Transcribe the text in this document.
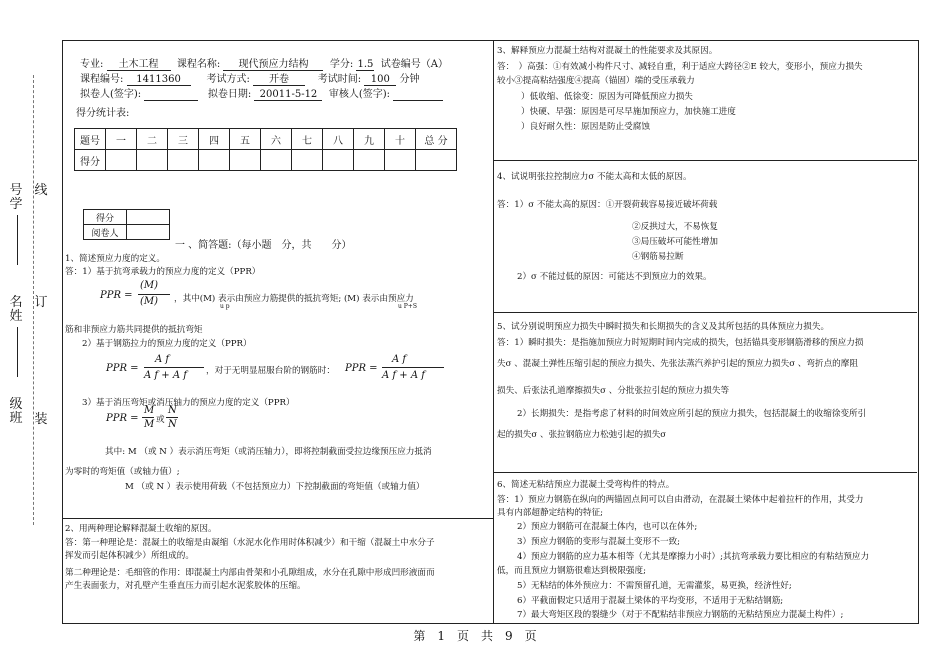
号
学
线
名
姓
订
级
班 装
专业: 土木工程 课程名称: 现代预应力结构 学分: 1.5 试卷编号（A）
课程编号: 1411360	考试方式: 开卷	考试时间: 100 分钟
拟卷人(签字):	拟卷日期: 20011-5-12 审核人(签字):
得分统计表:
题号	一	二	三	四	五	六	七	八	九	十	总 分
得分											
得分	
阅卷人	
一 、简答题:（每小题　分，共　　分）
1、简述预应力度的定义。
答：1）基于抗弯承载力的预应力度的定义（PPR）
PPR =
(M)
(M)	u p	u P+S
，其中(M) 表示由预应力筋提供的抵抗弯矩; (M) 表示由预应力
筋和非预应力筋共同提供的抵抗弯矩
2）基于钢筋拉力的预应力度的定义（PPR）
PPR =
A f
A f + A f ，对于无明显屈服台阶的钢筋时： PPR =
A f
A f + A f
3）基于消压弯矩或消压轴力的预应力度的定义（PPR）
PPR =
M
M 或
N
N
其中: M （或 N ）表示消压弯矩（或消压轴力），即将控制截面受拉边缘预压应力抵消
为零时的弯矩值（或轴力值）;
M （或 N ）表示使用荷载（不包括预应力）下控制截面的弯矩值（或轴力值）
2、用两种理论解释混凝土收缩的原因。
答：第一种理论是：混凝土的收缩是由凝缩（水泥水化作用时体积减少）和干缩（混凝土中水分子
挥发而引起体积减少）所组成的。
第二种理论是：毛细管的作用：即混凝土内部由骨架和小孔隙组成，水分在孔隙中形成凹形液面而
产生表面张力，对孔壁产生垂直压力而引起水泥浆胶体的压缩。
3、解释预应力混凝土结构对混凝土的性能要求及其原因。
答：　）高强：①有效减小构件尺寸、减轻自重，利于适应大跨径②E 较大，变形小，预应力损失
较小③提高粘结强度④提高（锚固）端的受压承载力
）低收缩、低徐变：原因为可降低预应力损失
）快硬、早强：原因是可尽早施加预应力，加快施工进度
）良好耐久性：原因是防止受腐蚀
4、试说明张拉控制应力σ 不能太高和太低的原因。
答：1）σ 不能太高的原因：①开裂荷载容易接近破坏荷载
②反拱过大，不易恢复
③局压破坏可能性增加
④钢筋易拉断
2）σ 不能过低的原因：可能达不到预应力的效果。
5、试分别说明预应力损失中瞬时损失和长期损失的含义及其所包括的具体预应力损失。
答：1）瞬时损失：是指施加预应力时短期时间内完成的损失，包括锚具变形钢筋滑移的预应力损
失σ 、混凝土弹性压缩引起的预应力损失、先张法蒸汽养护引起的预应力损失σ 、弯折点的摩阻
损失、后张法孔道摩擦损失σ 、分批张拉引起的预应力损失等
2）长期损失：是指考虑了材料的时间效应所引起的预应力损失，包括混凝土的收缩徐变所引
起的损失σ 、张拉钢筋应力松弛引起的损失σ
6、简述无粘结预应力混凝土受弯构件的特点。
答：1）预应力钢筋在纵向的两锚固点间可以自由滑动，在混凝土梁体中起着拉杆的作用，其受力
具有内部超静定结构的特征;
2）预应力钢筋可在混凝土体内，也可以在体外;
3）预应力钢筋的变形与混凝土变形不一致;
4）预应力钢筋的应力基本相等（尤其是摩擦力小时）;其抗弯承载力要比相应的有粘结预应力
低，而且预应力钢筋很难达到极限强度;
5）无粘结的体外预应力：不需预留孔道，无需灌浆，易更换，经济性好;
6）平截面假定只适用于混凝土梁体的平均变形，不适用于无粘结钢筋;
7）最大弯矩区段的裂缝少（对于不配粘结非预应力钢筋的无粘结预应力混凝土构件）;
第　1　页　共　9　页
